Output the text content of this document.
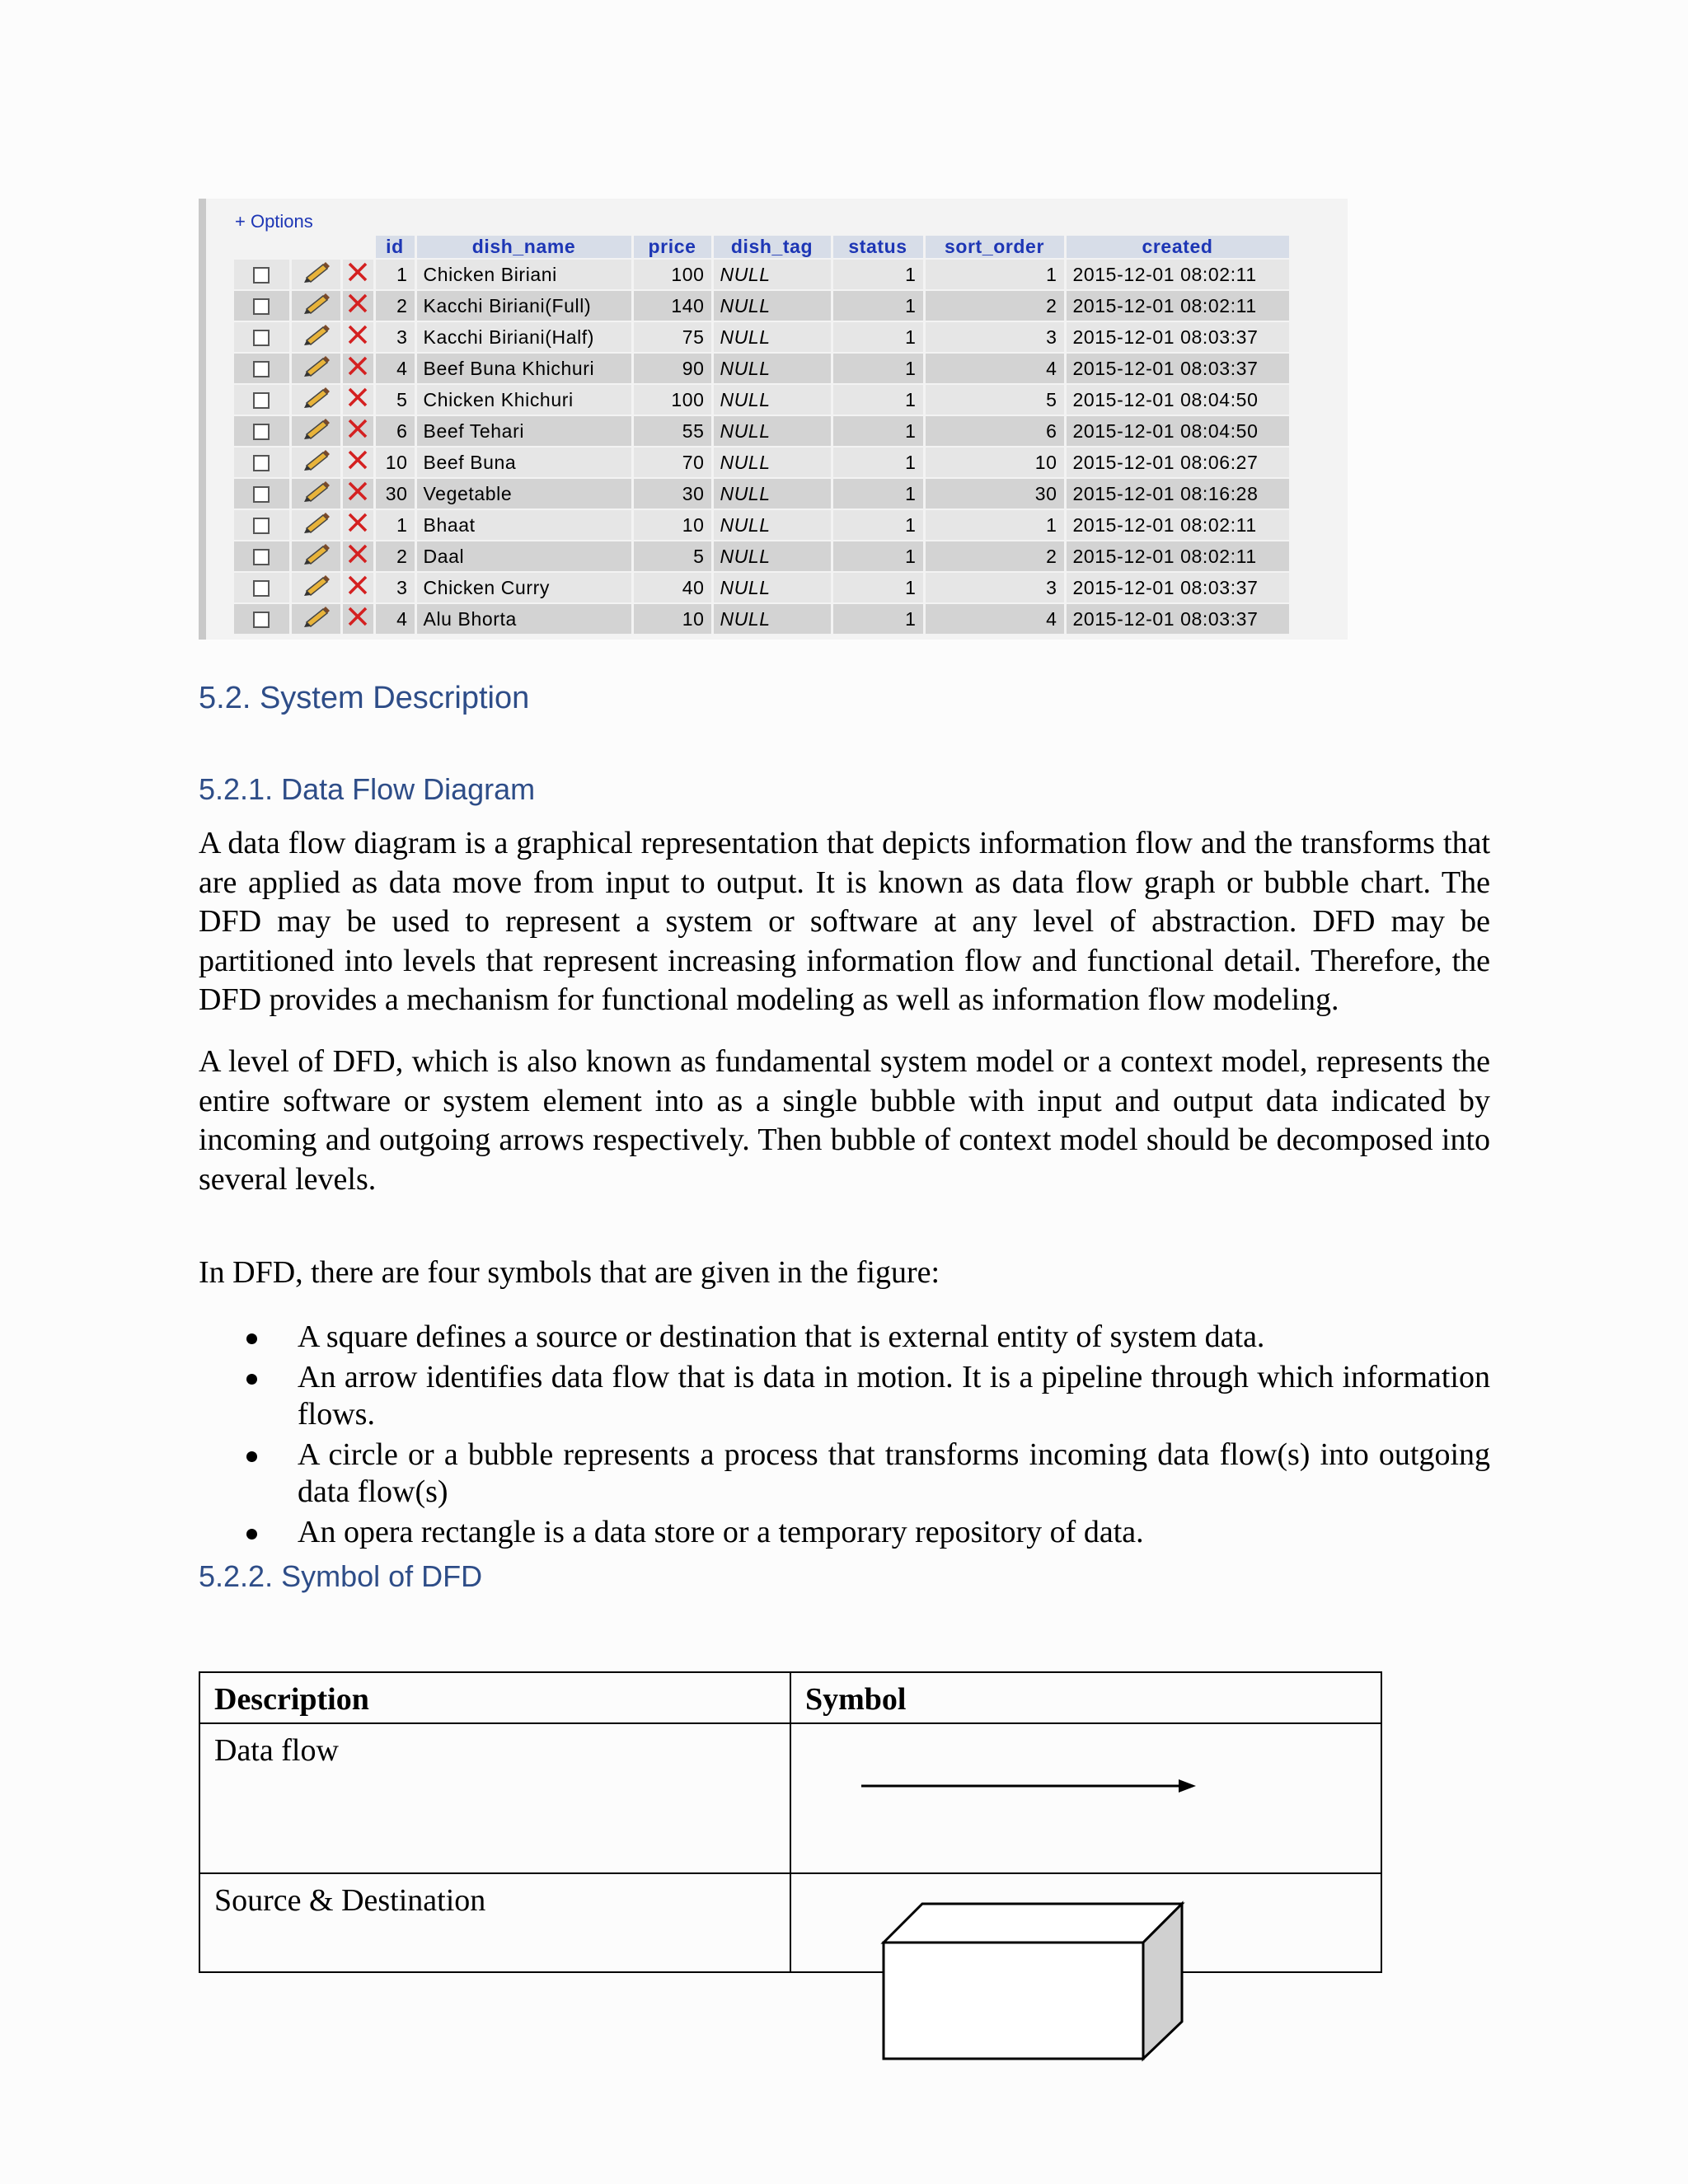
+ Options
			id	dish_name	price	dish_tag	status	sort_order	created
			1	Chicken Biriani	100	NULL	1	1	2015-12-01 08:02:11
			2	Kacchi Biriani(Full)	140	NULL	1	2	2015-12-01 08:02:11
			3	Kacchi Biriani(Half)	75	NULL	1	3	2015-12-01 08:03:37
			4	Beef Buna Khichuri	90	NULL	1	4	2015-12-01 08:03:37
			5	Chicken Khichuri	100	NULL	1	5	2015-12-01 08:04:50
			6	Beef Tehari	55	NULL	1	6	2015-12-01 08:04:50
			10	Beef Buna	70	NULL	1	10	2015-12-01 08:06:27
			30	Vegetable	30	NULL	1	30	2015-12-01 08:16:28
			1	Bhaat	10	NULL	1	1	2015-12-01 08:02:11
			2	Daal	5	NULL	1	2	2015-12-01 08:02:11
			3	Chicken Curry	40	NULL	1	3	2015-12-01 08:03:37
			4	Alu Bhorta	10	NULL	1	4	2015-12-01 08:03:37
5.2. System Description
5.2.1. Data Flow Diagram

A data flow diagram is a graphical representation that depicts information flow and the transforms that are applied as data move from input to output. It is known as data flow graph or bubble chart. The DFD may be used to represent a system or software at any level of abstraction. DFD may be partitioned into levels that represent increasing information flow and functional detail. Therefore, the DFD provides a mechanism for functional modeling as well as information flow modeling.

A level of DFD, which is also known as fundamental system model or a context model, represents the entire software or system element into as a single bubble with input and output data indicated by incoming and outgoing arrows respectively. Then bubble of context model should be decomposed into several levels.

In DFD, there are four symbols that are given in the figure:

A square defines a source or destination that is external entity of system data.
An arrow identifies data flow that is data in motion. It is a pipeline through which information flows.
A circle or a bubble represents a process that transforms incoming data flow(s) into outgoing data flow(s)
An opera rectangle is a data store or a temporary repository of data.
5.2.2. Symbol of DFD
Description	Symbol
Data flow	

Source & Destination	
